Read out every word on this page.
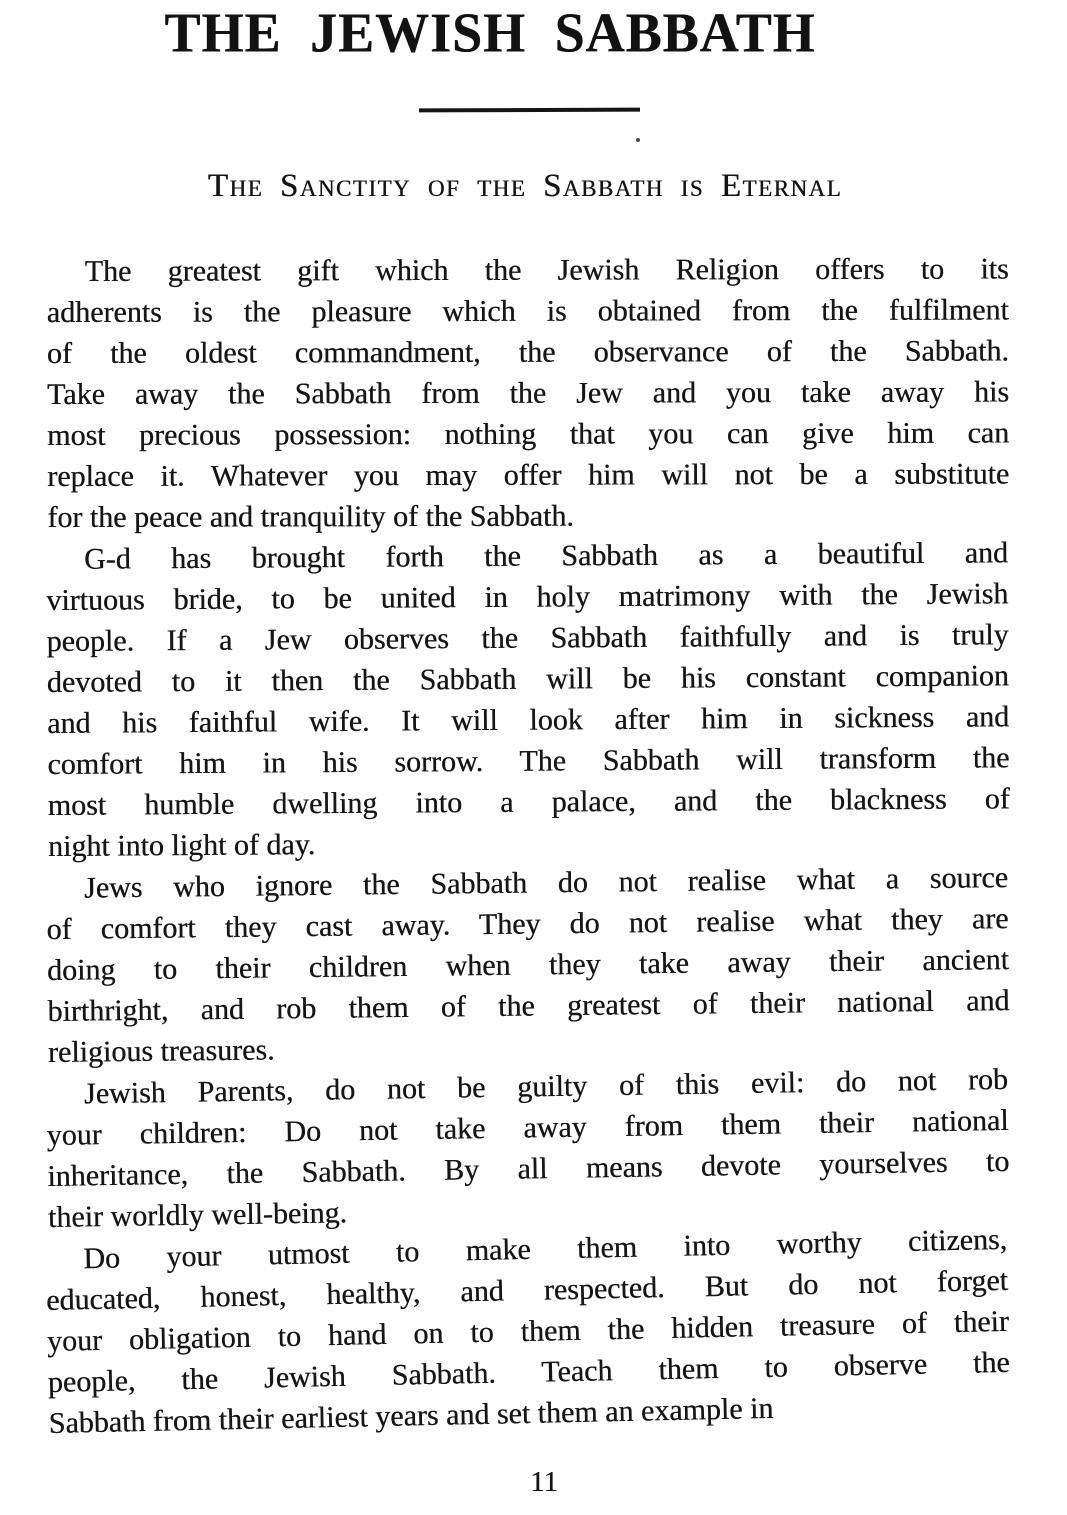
THE JEWISH SABBATH
The Sanctity of the Sabbath is Eternal
The greatest gift which the Jewish Religion offers to its
adherents is the pleasure which is obtained from the fulfilment
of the oldest commandment, the observance of the Sabbath.
Take away the Sabbath from the Jew and you take away his
most precious possession: nothing that you can give him can
replace it. Whatever you may offer him will not be a substitute
for the peace and tranquility of the Sabbath.
G-d has brought forth the Sabbath as a beautiful and
virtuous bride, to be united in holy matrimony with the Jewish
people. If a Jew observes the Sabbath faithfully and is truly
devoted to it then the Sabbath will be his constant companion
and his faithful wife. It will look after him in sickness and
comfort him in his sorrow. The Sabbath will transform the
most humble dwelling into a palace, and the blackness of
night into light of day.
Jews who ignore the Sabbath do not realise what a source
of comfort they cast away. They do not realise what they are
doing to their children when they take away their ancient
birthright, and rob them of the greatest of their national and
religious treasures.
Jewish Parents, do not be guilty of this evil: do not rob
your children: Do not take away from them their national
inheritance, the Sabbath. By all means devote yourselves to
their worldly well-being.
Do your utmost to make them into worthy citizens,
educated, honest, healthy, and respected. But do not forget
your obligation to hand on to them the hidden treasure of their
people, the Jewish Sabbath. Teach them to observe the
Sabbath from their earliest years and set them an example in
11
